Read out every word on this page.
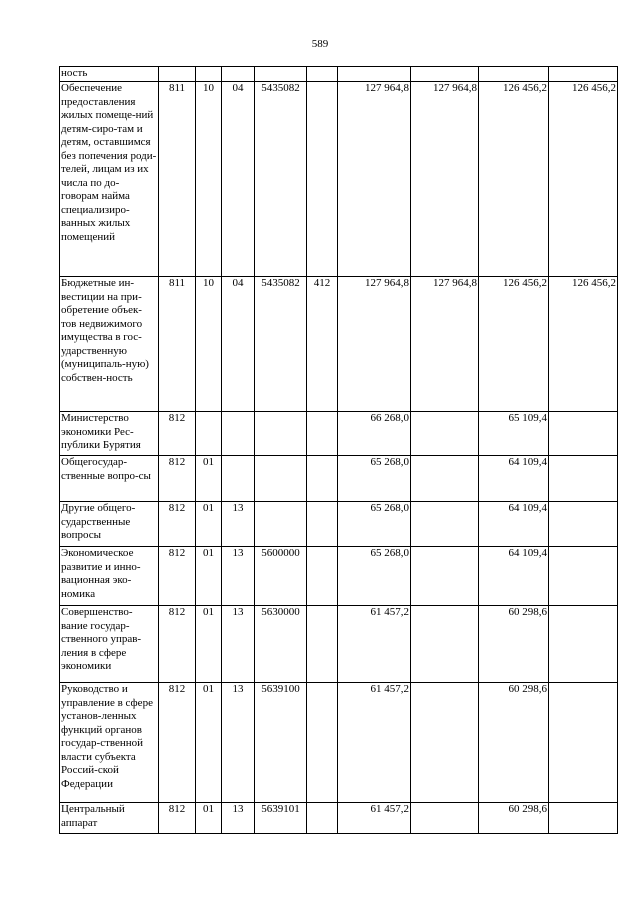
589
ность									
Обеспечение предоставления жилых помеще-ний детям-сиро-там и детям, оставшимся без попечения роди-телей, лицам из их числа по до-говорам найма специализиро-ванных жилых помещений	811	10	04	5435082		127 964,8	127 964,8	126 456,2	126 456,2
Бюджетные ин-вестиции на при-обретение объек-тов недвижимого имущества в гос-ударственную (муниципаль-ную) собствен-ность	811	10	04	5435082	412	127 964,8	127 964,8	126 456,2	126 456,2
Министерство экономики Рес-публики Бурятия	812					66 268,0		65 109,4	
Общегосудар-ственные вопро-сы	812	01				65 268,0		64 109,4	
Другие общего-сударственные вопросы	812	01	13			65 268,0		64 109,4	
Экономическое развитие и инно-вационная эко-номика	812	01	13	5600000		65 268,0		64 109,4	
Совершенство-вание государ-ственного управ-ления в сфере экономики	812	01	13	5630000		61 457,2		60 298,6	
Руководство и управление в сфере установ-ленных функций органов государ-ственной власти субъекта Россий-ской Федерации	812	01	13	5639100		61 457,2		60 298,6	
Центральный аппарат	812	01	13	5639101		61 457,2		60 298,6	
